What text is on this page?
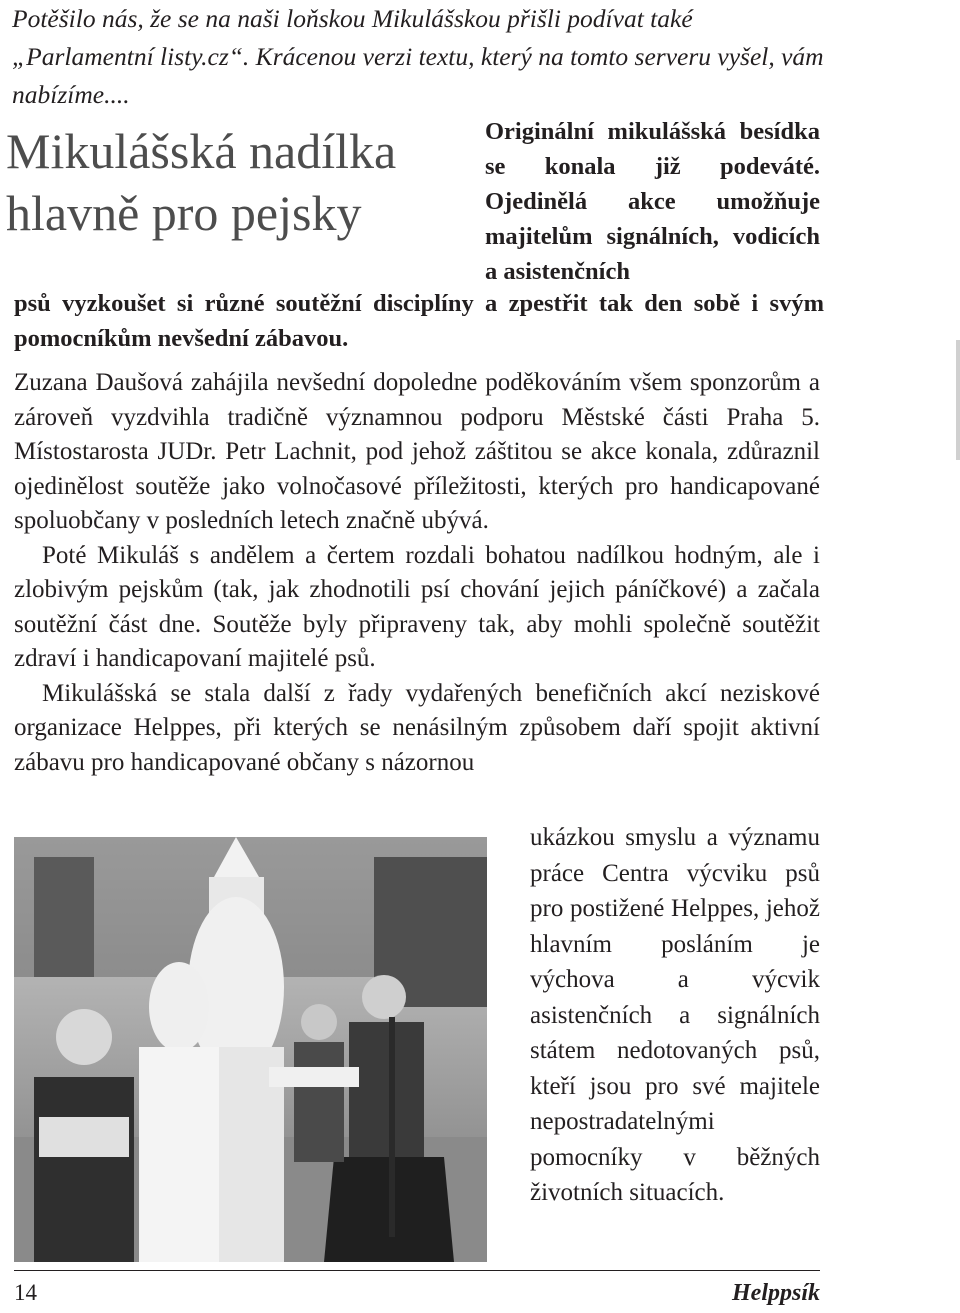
Potěšilo nás, že se na naši loňskou Mikulášskou přišli podívat také „Parlamentní listy.cz“. Krácenou verzi textu, který na tomto serveru vyšel, vám nabízíme....
Mikulášská nadílka
hlavně pro pejsky
Originální mikulášská besídka se konala již podeváté. Ojedinělá akce umožňuje majitelům signálních, vodicích a asistenčních
psů vyzkoušet si různé soutěžní disciplíny a zpestřit tak den sobě i svým pomocníkům nevšední zábavou.

Zuzana Daušová zahájila nevšední dopoledne poděkováním všem sponzorům a zároveň vyzdvihla tradičně významnou podporu Městské části Praha 5. Místostarosta JUDr. Petr Lachnit, pod jehož záštitou se akce konala, zdůraznil ojedinělost soutěže jako volnočasové příležitosti, kterých pro handicapované spoluobčany v posledních letech značně ubývá.

Poté Mikuláš s andělem a čertem rozdali bohatou nadílkou hodným, ale i zlobivým pejskům (tak, jak zhodnotili psí chování jejich páníčkové) a začala soutěžní část dne. Soutěže byly připraveny tak, aby mohli společně soutěžit zdraví i handicapovaní majitelé psů.

Mikulášská se stala další z řady vydařených benefičních akcí neziskové organizace Helppes, při kterých se nenásilným způsobem daří spojit aktivní zábavu pro handicapované občany s názornou

ukázkou smyslu a významu práce Centra výcviku psů pro postižené Helppes, jehož hlavním posláním je výchova a výcvik asistenčních a signálních státem nedotovaných psů, kteří jsou pro své majitele nepostradatelnými pomocníky v běžných životních situacích.
14	Helppsík
